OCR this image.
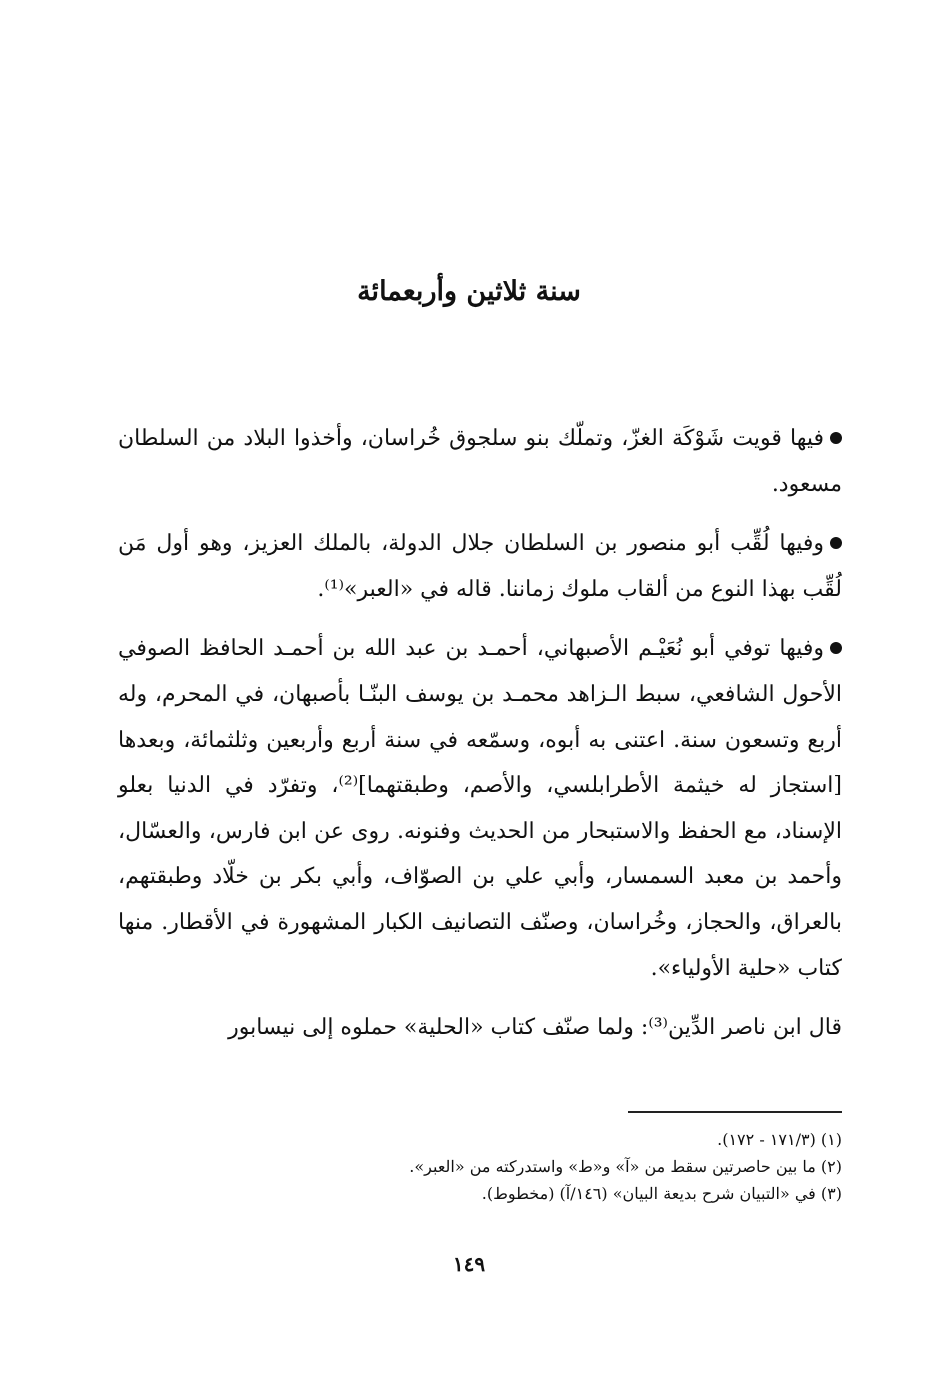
سنة ثلاثين وأربعمائة

فيها قويت شَوْكَة الغزّ، وتملّك بنو سلجوق خُراسان، وأخذوا البلاد من السلطان مسعود.

وفيها لُقِّب أبو منصور بن السلطان جلال الدولة، بالملك العزيز، وهو أول مَن لُقِّب بهذا النوع من ألقاب ملوك زماننا. قاله في «العبر»⁽¹⁾.

وفيها توفي أبو نُعَيْـم الأصبهاني، أحمـد بن عبد الله بن أحمـد الحافظ الصوفي الأحول الشافعي، سبط الـزاهد محمـد بن يوسف البنّـا بأصبهان، في المحرم، وله أربع وتسعون سنة. اعتنى به أبوه، وسمّعه في سنة أربع وأربعين وثلثمائة، وبعدها [استجاز له خيثمة الأطرابلسي، والأصم، وطبقتهما]⁽²⁾، وتفرّد في الدنيا بعلو الإسناد، مع الحفظ والاستبحار من الحديث وفنونه. روى عن ابن فارس، والعسّال، وأحمد بن معبد السمسار، وأبي علي بن الصوّاف، وأبي بكر بن خلّاد وطبقتهم، بالعراق، والحجاز، وخُراسان، وصنّف التصانيف الكبار المشهورة في الأقطار. منها كتاب «حلية الأولياء».

قال ابن ناصر الدِّين⁽³⁾: ولما صنّف كتاب «الحلية» حملوه إلى نيسابور

(١) (١٧١/٣ - ١٧٢).

(٢) ما بين حاصرتين سقط من «آ» و«ط» واستدركته من «العبر».

(٣) في «التبيان شرح بديعة البيان» (١٤٦/آ) (مخطوط).

١٤٩
